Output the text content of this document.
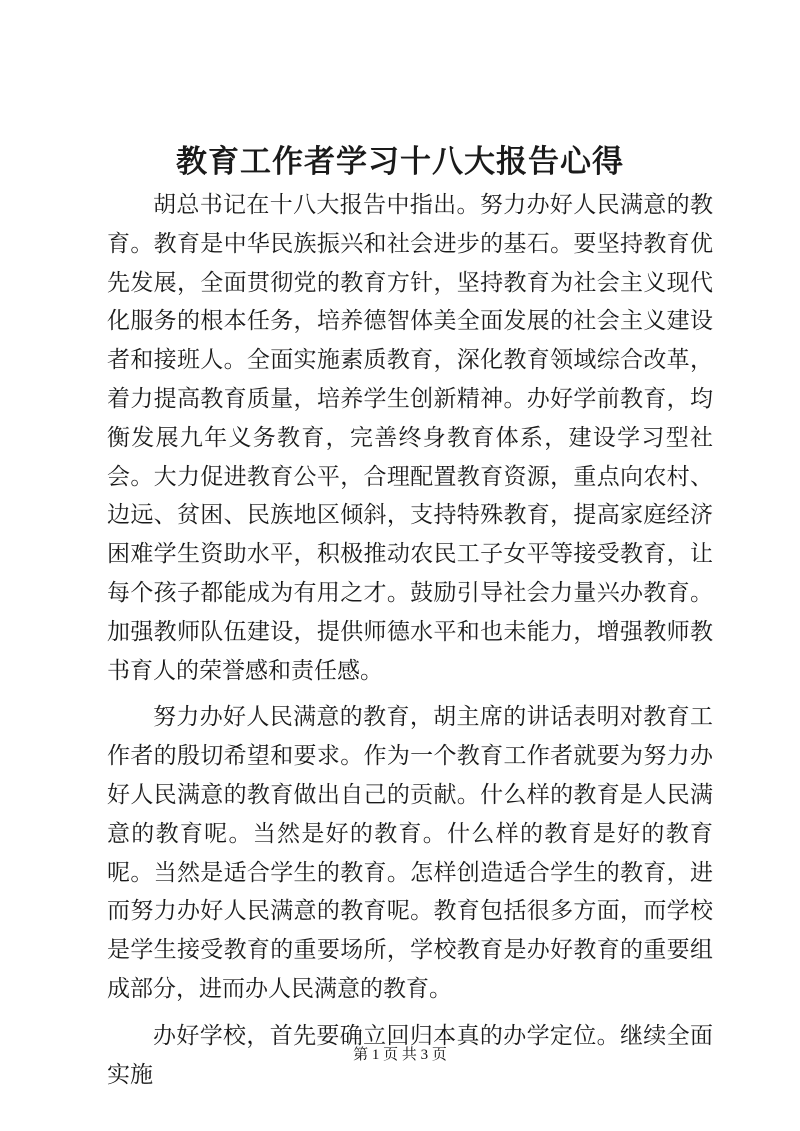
教育工作者学习十八大报告心得

胡总书记在十八大报告中指出。努力办好人民满意的教育。教育是中华民族振兴和社会进步的基石。要坚持教育优先发展，全面贯彻党的教育方针，坚持教育为社会主义现代化服务的根本任务，培养德智体美全面发展的社会主义建设者和接班人。全面实施素质教育，深化教育领域综合改革，着力提高教育质量，培养学生创新精神。办好学前教育，均衡发展九年义务教育，完善终身教育体系，建设学习型社会。大力促进教育公平，合理配置教育资源，重点向农村、边远、贫困、民族地区倾斜，支持特殊教育，提高家庭经济困难学生资助水平，积极推动农民工子女平等接受教育，让每个孩子都能成为有用之才。鼓励引导社会力量兴办教育。加强教师队伍建设，提供师德水平和也未能力，增强教师教书育人的荣誉感和责任感。

努力办好人民满意的教育，胡主席的讲话表明对教育工作者的殷切希望和要求。作为一个教育工作者就要为努力办好人民满意的教育做出自己的贡献。什么样的教育是人民满意的教育呢。当然是好的教育。什么样的教育是好的教育呢。当然是适合学生的教育。怎样创造适合学生的教育，进而努力办好人民满意的教育呢。教育包括很多方面，而学校是学生接受教育的重要场所，学校教育是办好教育的重要组成部分，进而办人民满意的教育。

办好学校，首先要确立回归本真的办学定位。继续全面实施

第 1 页 共 3 页
